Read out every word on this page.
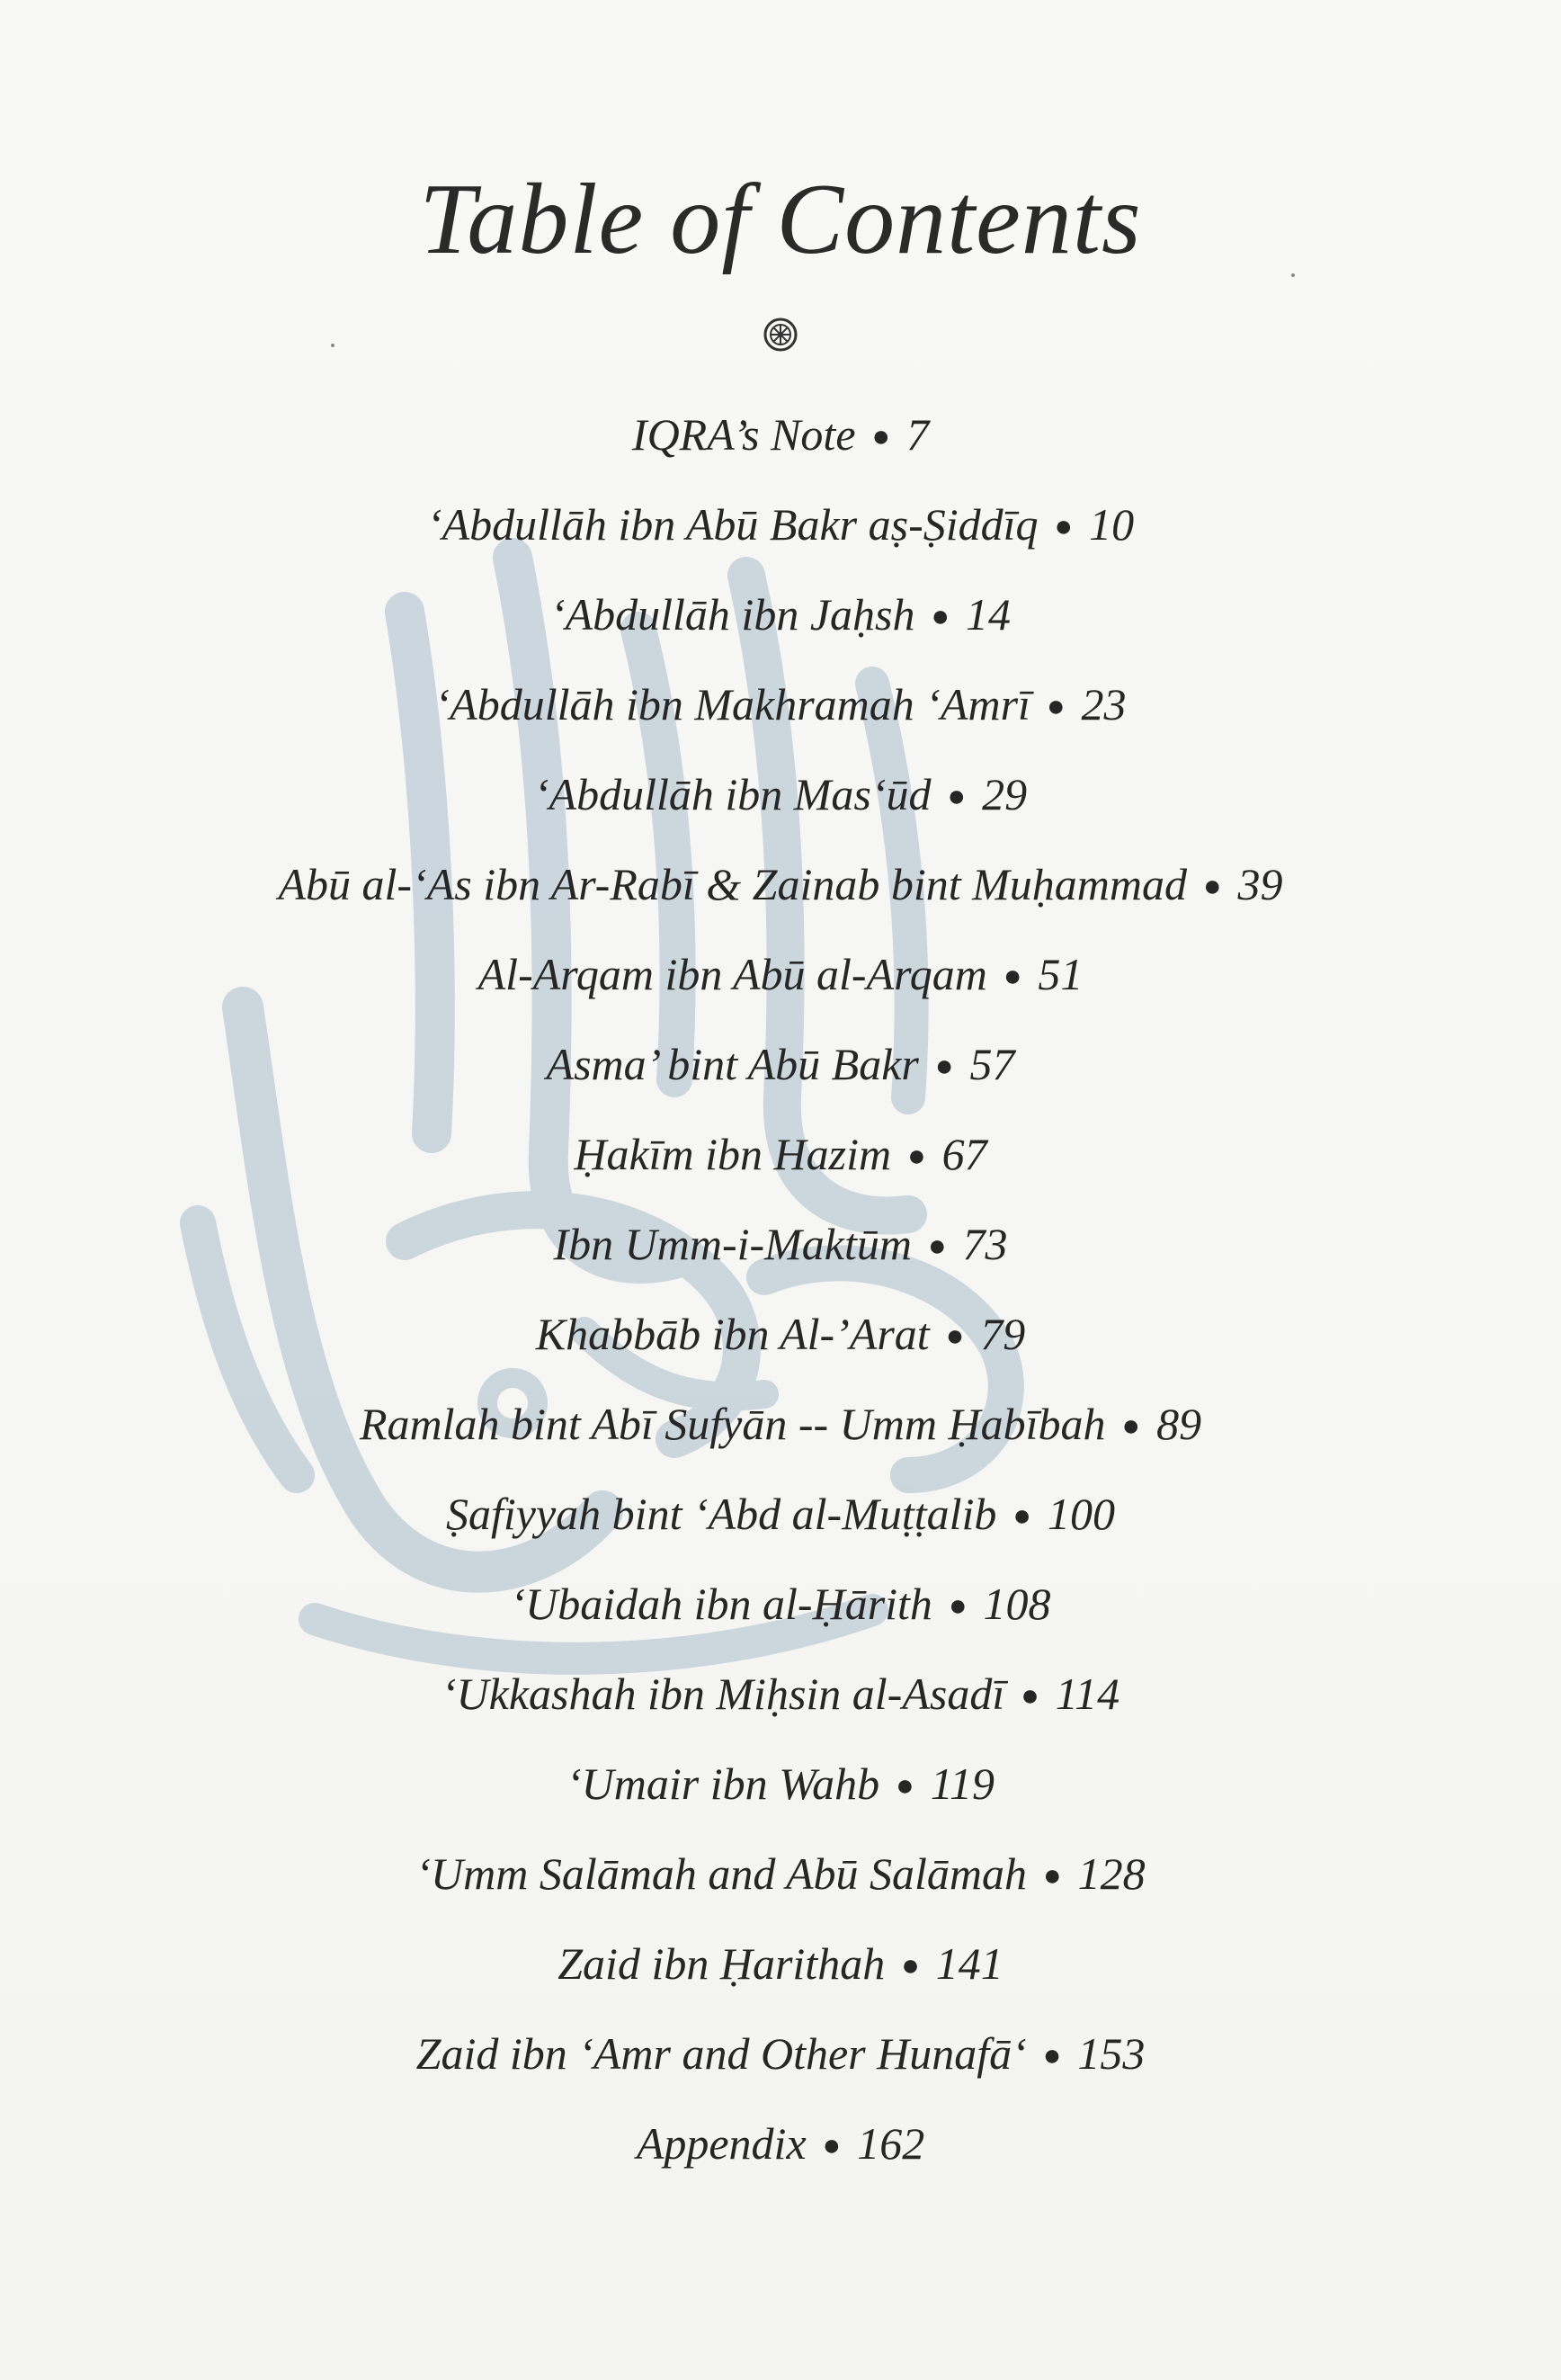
Table of Contents
IQRA’s Note ● 7
‘Abdullāh ibn Abū Bakr aṣ-Ṣiddīq ● 10
‘Abdullāh ibn Jaḥsh ● 14
‘Abdullāh ibn Makhramah ‘Amrī ● 23
‘Abdullāh ibn Mas‘ūd ● 29
Abū al-‘As ibn Ar-Rabī & Zainab bint Muḥammad ● 39
Al-Arqam ibn Abū al-Arqam ● 51
Asma’ bint Abū Bakr ● 57
Ḥakīm ibn Hazim ● 67
Ibn Umm-i-Maktūm ● 73
Khabbāb ibn Al-’Arat ● 79
Ramlah bint Abī Sufyān -- Umm Ḥabībah ● 89
Ṣafiyyah bint ‘Abd al-Muṭṭalib ● 100
‘Ubaidah ibn al-Ḥārith ● 108
‘Ukkashah ibn Miḥsin al-Asadī ● 114
‘Umair ibn Wahb ● 119
‘Umm Salāmah and Abū Salāmah ● 128
Zaid ibn Ḥarithah ● 141
Zaid ibn ‘Amr and Other Hunafā‘ ● 153
Appendix ● 162
